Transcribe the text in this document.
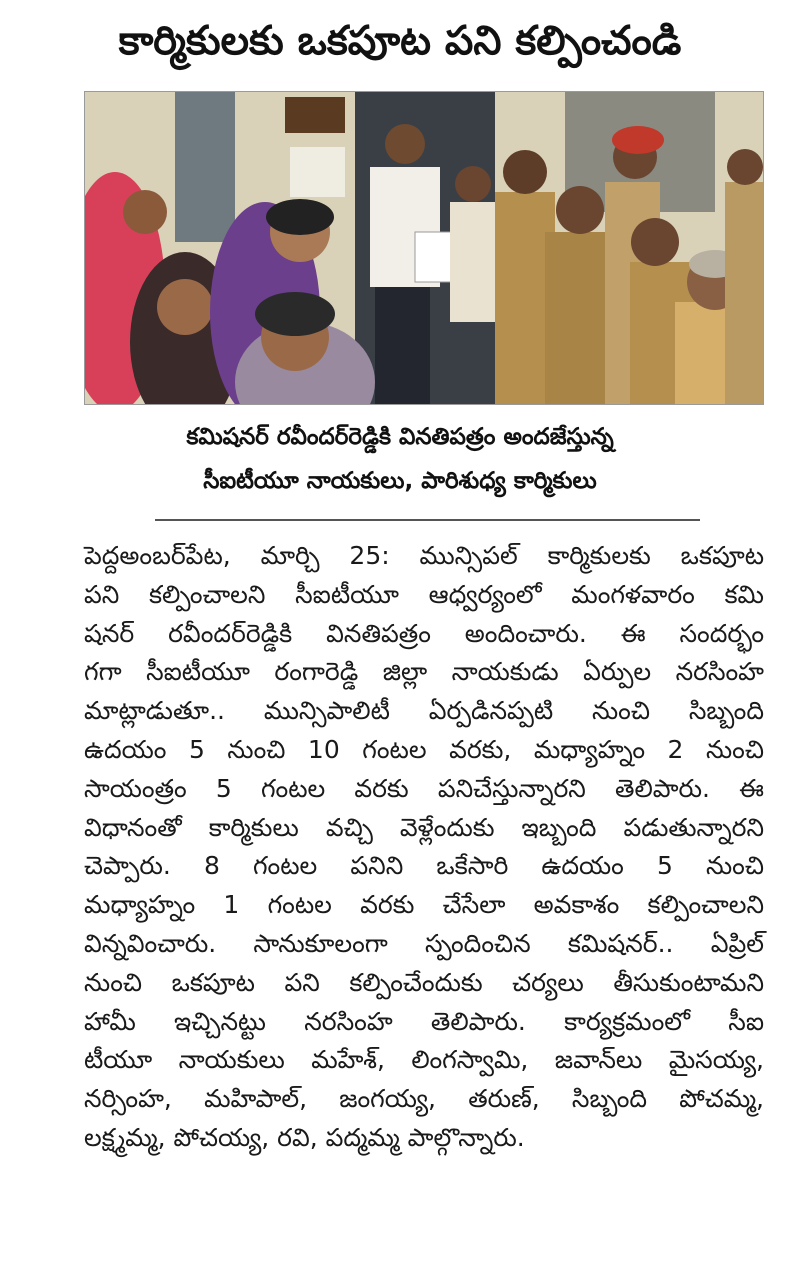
కార్మికులకు ఒకపూట పని కల్పించండి
కమిషనర్ రవీందర్‌రెడ్డికి వినతిపత్రం అందజేస్తున్న
సీఐటీయూ నాయకులు, పారిశుధ్య కార్మికులు
పెద్దఅంబర్‌పేట, మార్చి 25: మున్సిపల్ కార్మికులకు ఒకపూట
పని కల్పించాలని సీఐటీయూ ఆధ్వర్యంలో మంగళవారం కమి
షనర్ రవీందర్‌రెడ్డికి వినతిపత్రం అందించారు. ఈ సందర్భం
గగా సీఐటీయూ రంగారెడ్డి జిల్లా నాయకుడు ఏర్పుల నరసింహ
మాట్లాడుతూ.. మున్సిపాలిటీ ఏర్పడినప్పటి నుంచి సిబ్బంది
ఉదయం 5 నుంచి 10 గంటల వరకు, మధ్యాహ్నం 2 నుంచి
సాయంత్రం 5 గంటల వరకు పనిచేస్తున్నారని తెలిపారు. ఈ
విధానంతో కార్మికులు వచ్చి వెళ్లేందుకు ఇబ్బంది పడుతున్నారని
చెప్పారు. 8 గంటల పనిని ఒకేసారి ఉదయం 5 నుంచి
మధ్యాహ్నం 1 గంటల వరకు చేసేలా అవకాశం కల్పించాలని
విన్నవించారు. సానుకూలంగా స్పందించిన కమిషనర్.. ఏప్రిల్
నుంచి ఒకపూట పని కల్పించేందుకు చర్యలు తీసుకుంటామని
హామీ ఇచ్చినట్టు నరసింహ తెలిపారు. కార్యక్రమంలో సీఐ
టీయూ నాయకులు మహేశ్, లింగస్వామి, జవాన్‌లు మైసయ్య,
నర్సింహ, మహిపాల్, జంగయ్య, తరుణ్, సిబ్బంది పోచమ్మ,
లక్ష్మమ్మ, పోచయ్య, రవి, పద్మమ్మ పాల్గొన్నారు.
